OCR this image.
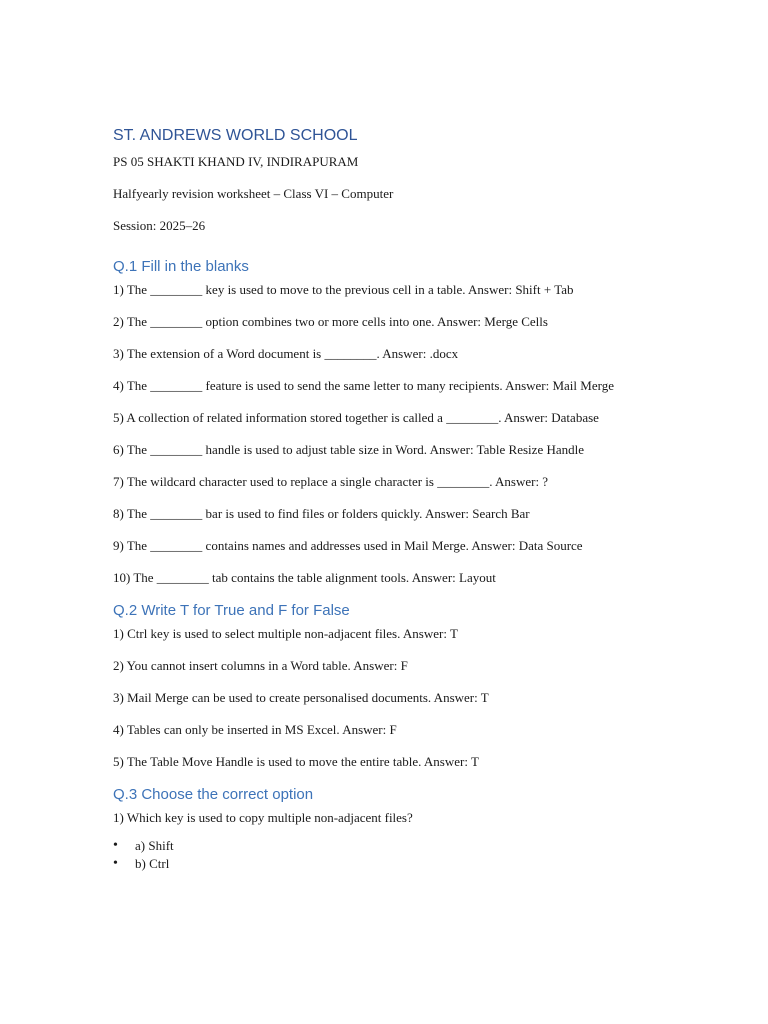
ST. ANDREWS WORLD SCHOOL

PS 05 SHAKTI KHAND IV, INDIRAPURAM

Halfyearly revision worksheet – Class VI – Computer

Session: 2025–26

Q.1 Fill in the blanks

1) The ________ key is used to move to the previous cell in a table. Answer: Shift + Tab

2) The ________ option combines two or more cells into one. Answer: Merge Cells

3) The extension of a Word document is ________. Answer: .docx

4) The ________ feature is used to send the same letter to many recipients. Answer: Mail Merge

5) A collection of related information stored together is called a ________. Answer: Database

6) The ________ handle is used to adjust table size in Word. Answer: Table Resize Handle

7) The wildcard character used to replace a single character is ________. Answer: ?

8) The ________ bar is used to find files or folders quickly. Answer: Search Bar

9) The ________ contains names and addresses used in Mail Merge. Answer: Data Source

10) The ________ tab contains the table alignment tools. Answer: Layout

Q.2 Write T for True and F for False

1) Ctrl key is used to select multiple non-adjacent files. Answer: T

2) You cannot insert columns in a Word table. Answer: F

3) Mail Merge can be used to create personalised documents. Answer: T

4) Tables can only be inserted in MS Excel. Answer: F

5) The Table Move Handle is used to move the entire table. Answer: T

Q.3 Choose the correct option

1) Which key is used to copy multiple non-adjacent files?

• a) Shift
• b) Ctrl
